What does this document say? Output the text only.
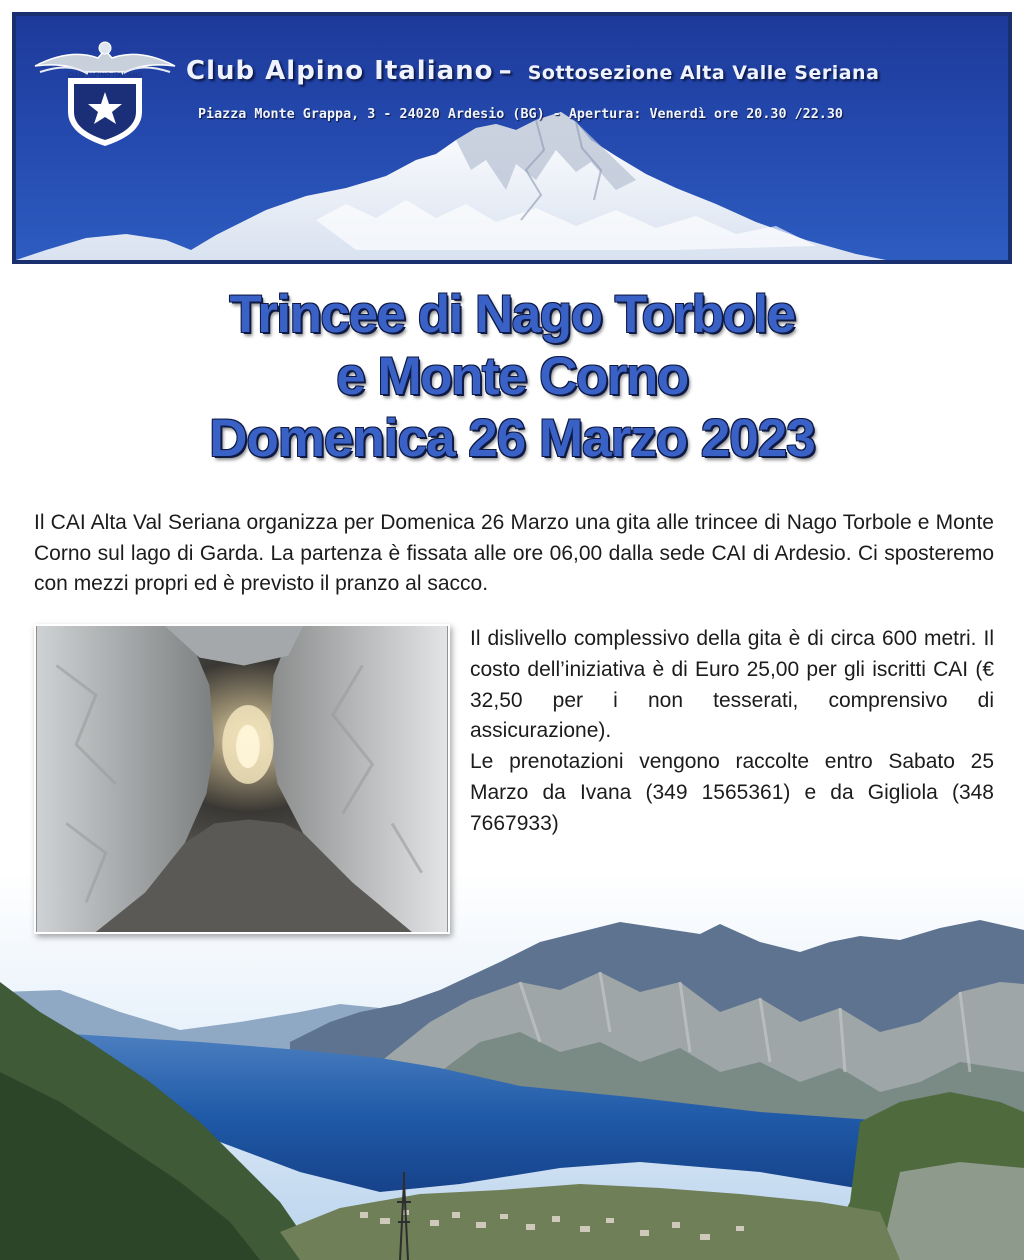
CLUB ALPINO ITALIANO Club Alpino Italiano – Sottosezione Alta Valle Seriana
Piazza Monte Grappa, 3 - 24020 Ardesio (BG) - Apertura: Venerdì ore 20.30 /22.30
Trincee di Nago Torbole
e Monte Corno
Domenica 26 Marzo 2023
Il CAI Alta Val Seriana organizza per Domenica 26 Marzo una gita alle trincee di Nago Torbole e Monte Corno sul lago di Garda. La partenza è fissata alle ore 06,00 dalla sede CAI di Ardesio. Ci sposteremo con mezzi propri ed è previsto il pranzo al sacco.

Il dislivello complessivo della gita è di circa 600 metri. Il costo dell’iniziativa è di Euro 25,00 per gli iscritti CAI (€ 32,50 per i non tesserati, comprensivo di assicurazione).

Le prenotazioni vengono raccolte entro Sabato 25 Marzo da Ivana (349 1565361) e da Gigliola (348 7667933)
